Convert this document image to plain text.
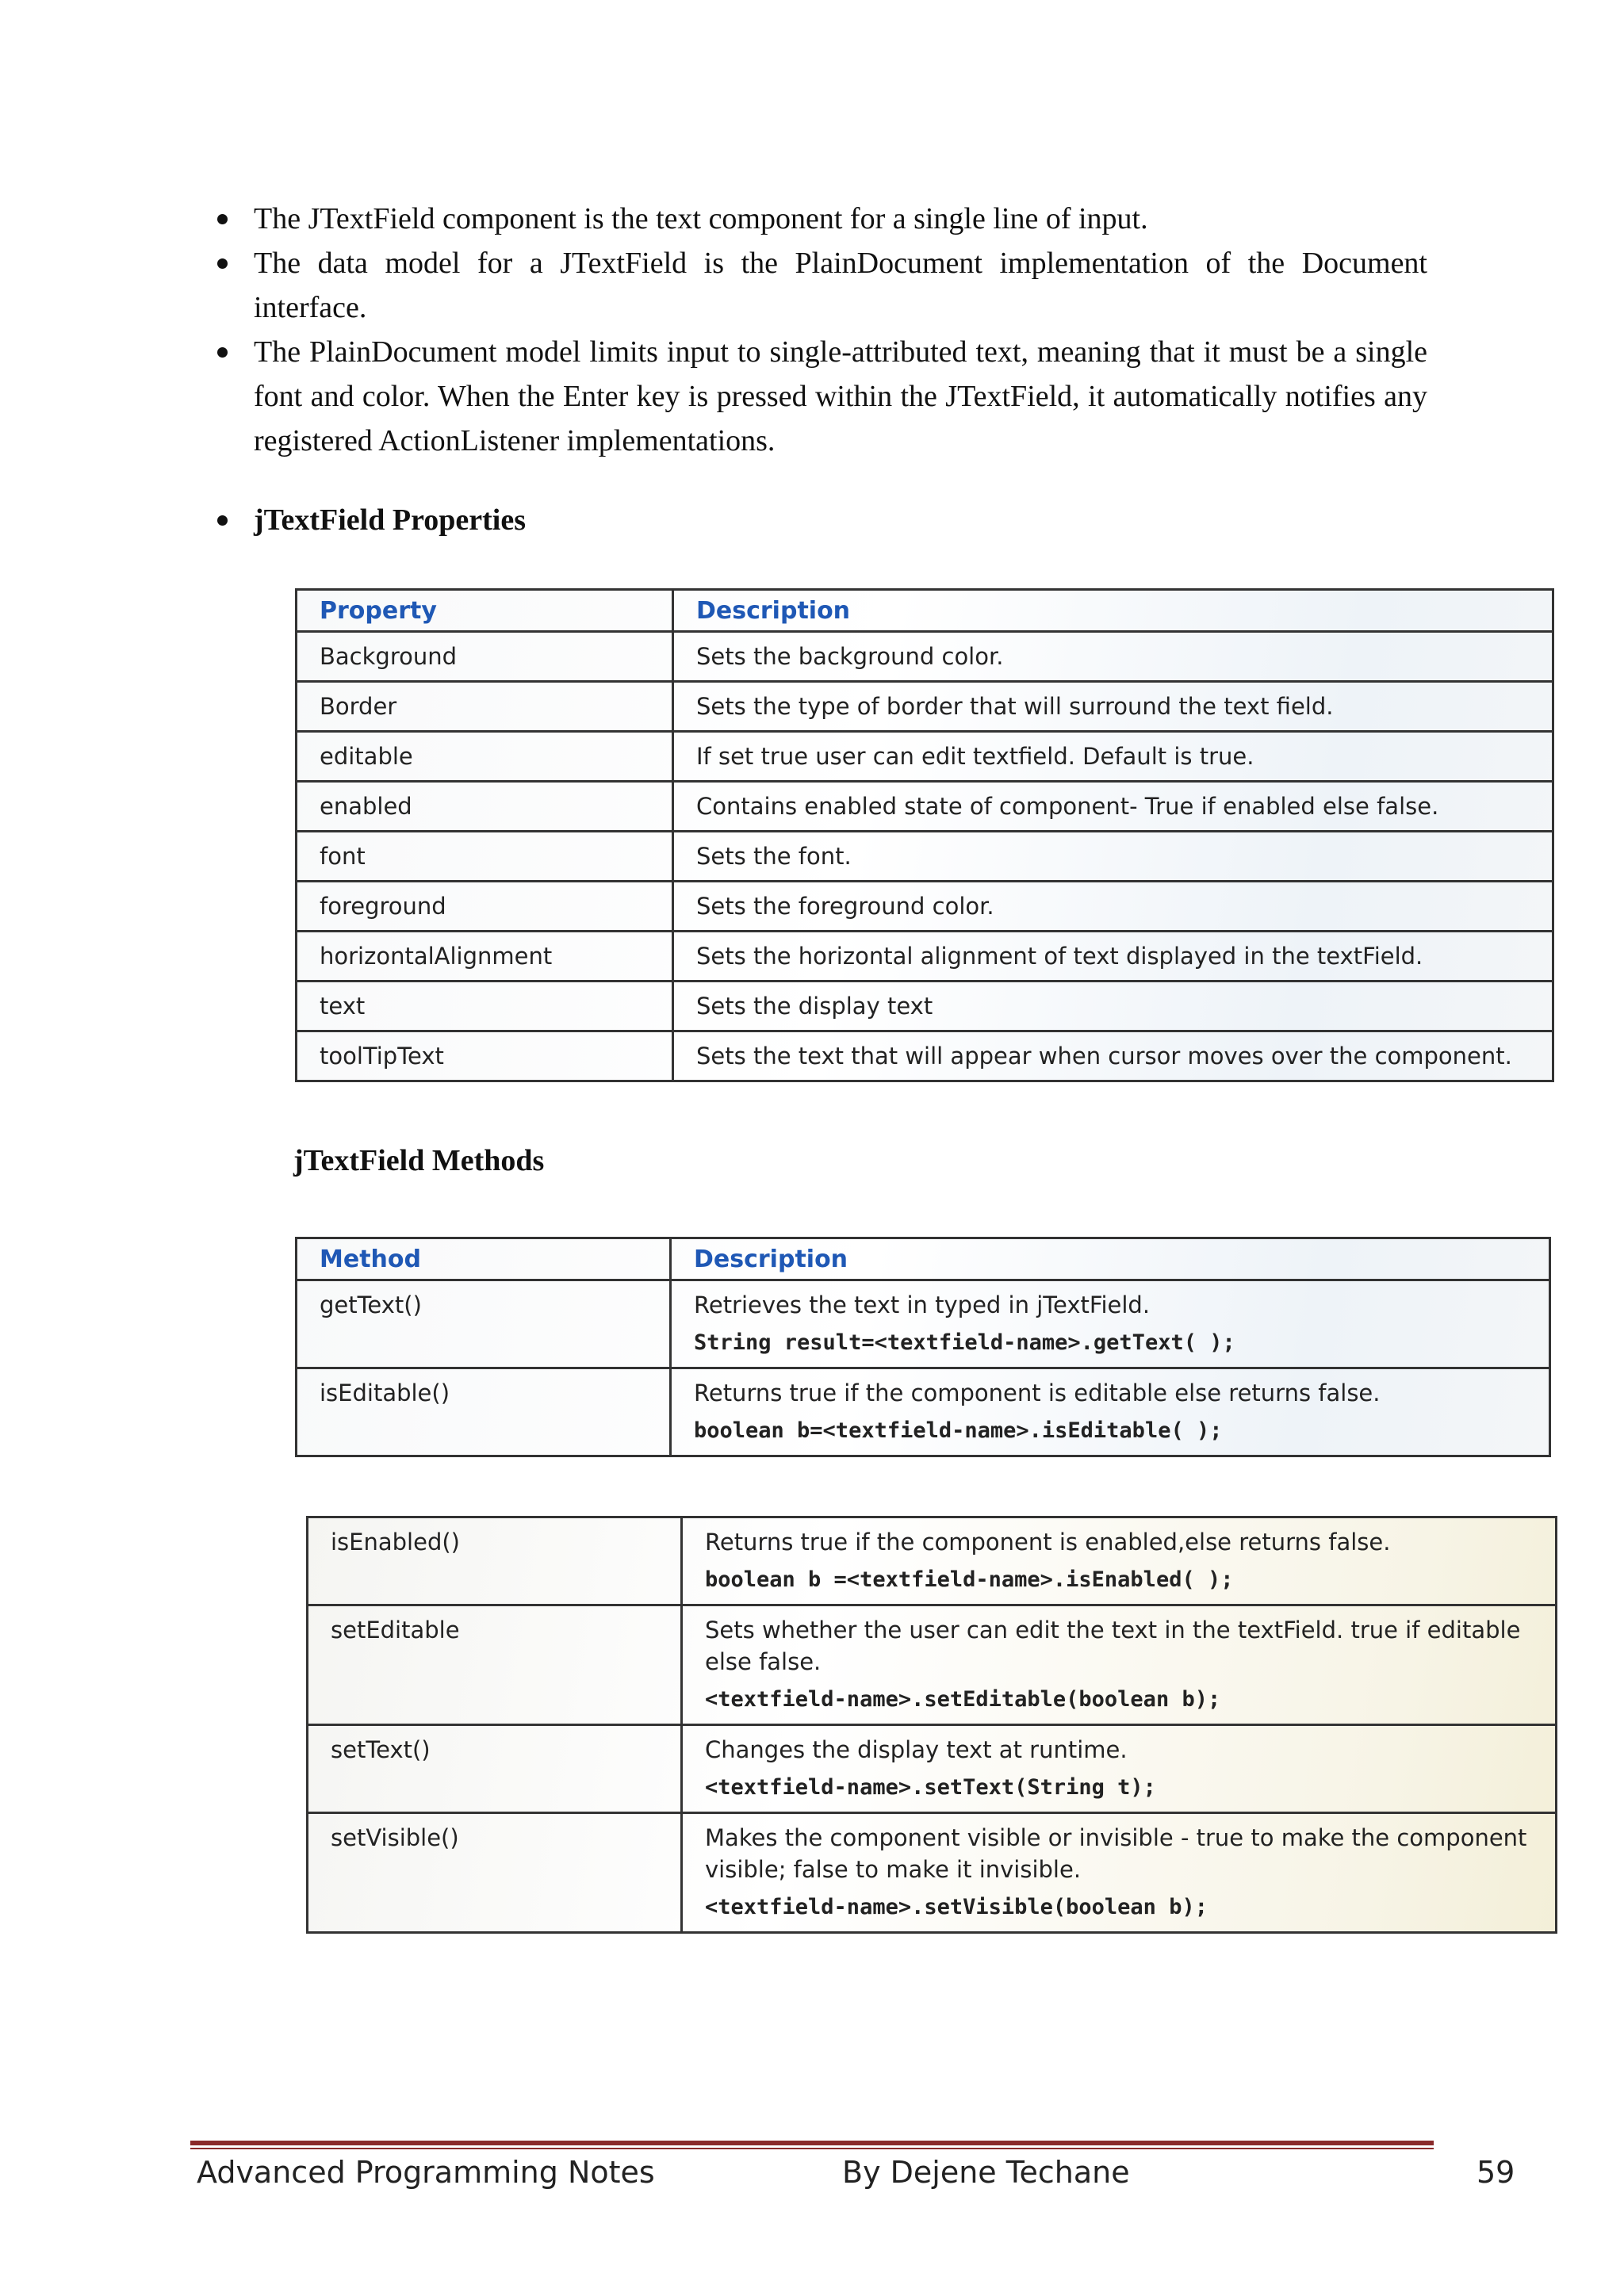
The JTextField component is the text component for a single line of input.
The data model for a JTextField is the PlainDocument implementation of the Document interface.
The PlainDocument model limits input to single-attributed text, meaning that it must be a single font and color. When the Enter key is pressed within the JTextField, it automatically notifies any registered ActionListener implementations.
jTextField Properties
Property	Description
Background	Sets the background color.
Border	Sets the type of border that will surround the text field.
editable	If set true user can edit textfield. Default is true.
enabled	Contains enabled state of component- True if enabled else false.
font	Sets the font.
foreground	Sets the foreground color.
horizontalAlignment	Sets the horizontal alignment of text displayed in the textField.
text	Sets the display text
toolTipText	Sets the text that will appear when cursor moves over the component.
jTextField Methods
Method	Description
getText()	Retrieves the text in typed in jTextField.
String result=<textfield-name>.getText( );

isEditable()	Returns true if the component is editable else returns false.
boolean b=<textfield-name>.isEditable( );
isEnabled()	Returns true if the component is enabled,else returns false.
boolean b =<textfield-name>.isEnabled( );

setEditable	Sets whether the user can edit the text in the textField. true if editable else false.
<textfield-name>.setEditable(boolean b);

setText()	Changes the display text at runtime.
<textfield-name>.setText(String t);

setVisible()	Makes the component visible or invisible - true to make the component visible; false to make it invisible.
<textfield-name>.setVisible(boolean b);
Advanced Programming Notes	By Dejene Techane	59
